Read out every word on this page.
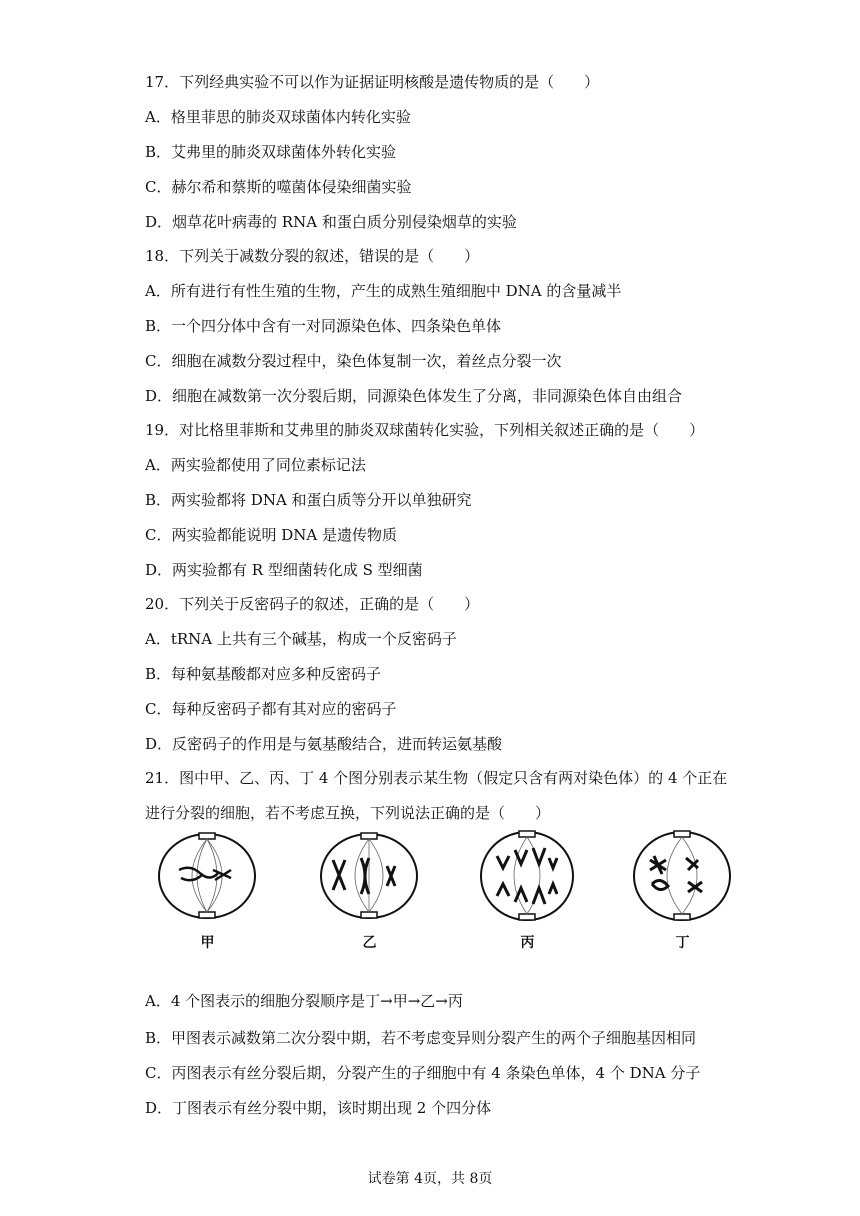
17．下列经典实验不可以作为证据证明核酸是遗传物质的是（　　）
A．格里菲思的肺炎双球菌体内转化实验
B．艾弗里的肺炎双球菌体外转化实验
C．赫尔希和蔡斯的噬菌体侵染细菌实验
D．烟草花叶病毒的 RNA 和蛋白质分别侵染烟草的实验
18．下列关于减数分裂的叙述，错误的是（　　）
A．所有进行有性生殖的生物，产生的成熟生殖细胞中 DNA 的含量减半
B．一个四分体中含有一对同源染色体、四条染色单体
C．细胞在减数分裂过程中，染色体复制一次，着丝点分裂一次
D．细胞在减数第一次分裂后期，同源染色体发生了分离，非同源染色体自由组合
19．对比格里菲斯和艾弗里的肺炎双球菌转化实验，下列相关叙述正确的是（　　）
A．两实验都使用了同位素标记法
B．两实验都将 DNA 和蛋白质等分开以单独研究
C．两实验都能说明 DNA 是遗传物质
D．两实验都有 R 型细菌转化成 S 型细菌
20．下列关于反密码子的叙述，正确的是（　　）
A．tRNA 上共有三个碱基，构成一个反密码子
B．每种氨基酸都对应多种反密码子
C．每种反密码子都有其对应的密码子
D．反密码子的作用是与氨基酸结合，进而转运氨基酸
21．图中甲、乙、丙、丁 4 个图分别表示某生物（假定只含有两对染色体）的 4 个正在
进行分裂的细胞，若不考虑互换，下列说法正确的是（　　）
甲	乙	丙	丁
A．4 个图表示的细胞分裂顺序是丁→甲→乙→丙
B．甲图表示减数第二次分裂中期，若不考虑变异则分裂产生的两个子细胞基因相同
C．丙图表示有丝分裂后期，分裂产生的子细胞中有 4 条染色单体，4 个 DNA 分子
D．丁图表示有丝分裂中期，该时期出现 2 个四分体
试卷第 4页，共 8页
